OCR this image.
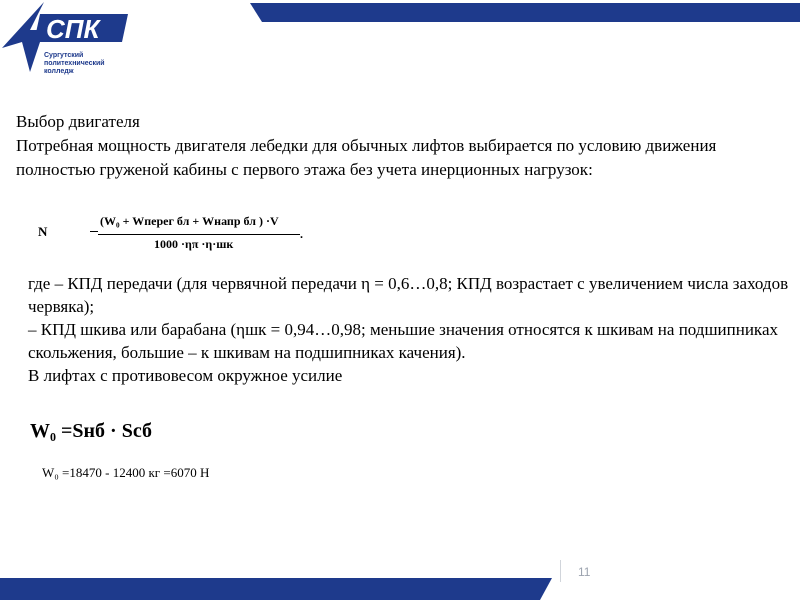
СПК
Сургутский
политехнический
колледж

Выбор двигателя

Потребная мощность двигателя лебедки для обычных лифтов выбирается по условию движения полностью груженой кабины с первого этажа без учета инерционных нагрузок:

N
(W₀ + Wперег бл + Wнапр бл ) ·V
1000 ·ηπ ·η·шк
.

где – КПД передачи (для червячной передачи η = 0,6…0,8; КПД возрастает с увеличением числа заходов червяка);

– КПД шкива или барабана (ηшк = 0,94…0,98; меньшие значения относятся к шкивам на подшипниках скольжения, большие – к шкивам на подшипниках качения).

В лифтах с противовесом окружное усилие

W₀ =Sнб · Sсб
W₀ =18470 - 12400 кг =6070 Н
11
